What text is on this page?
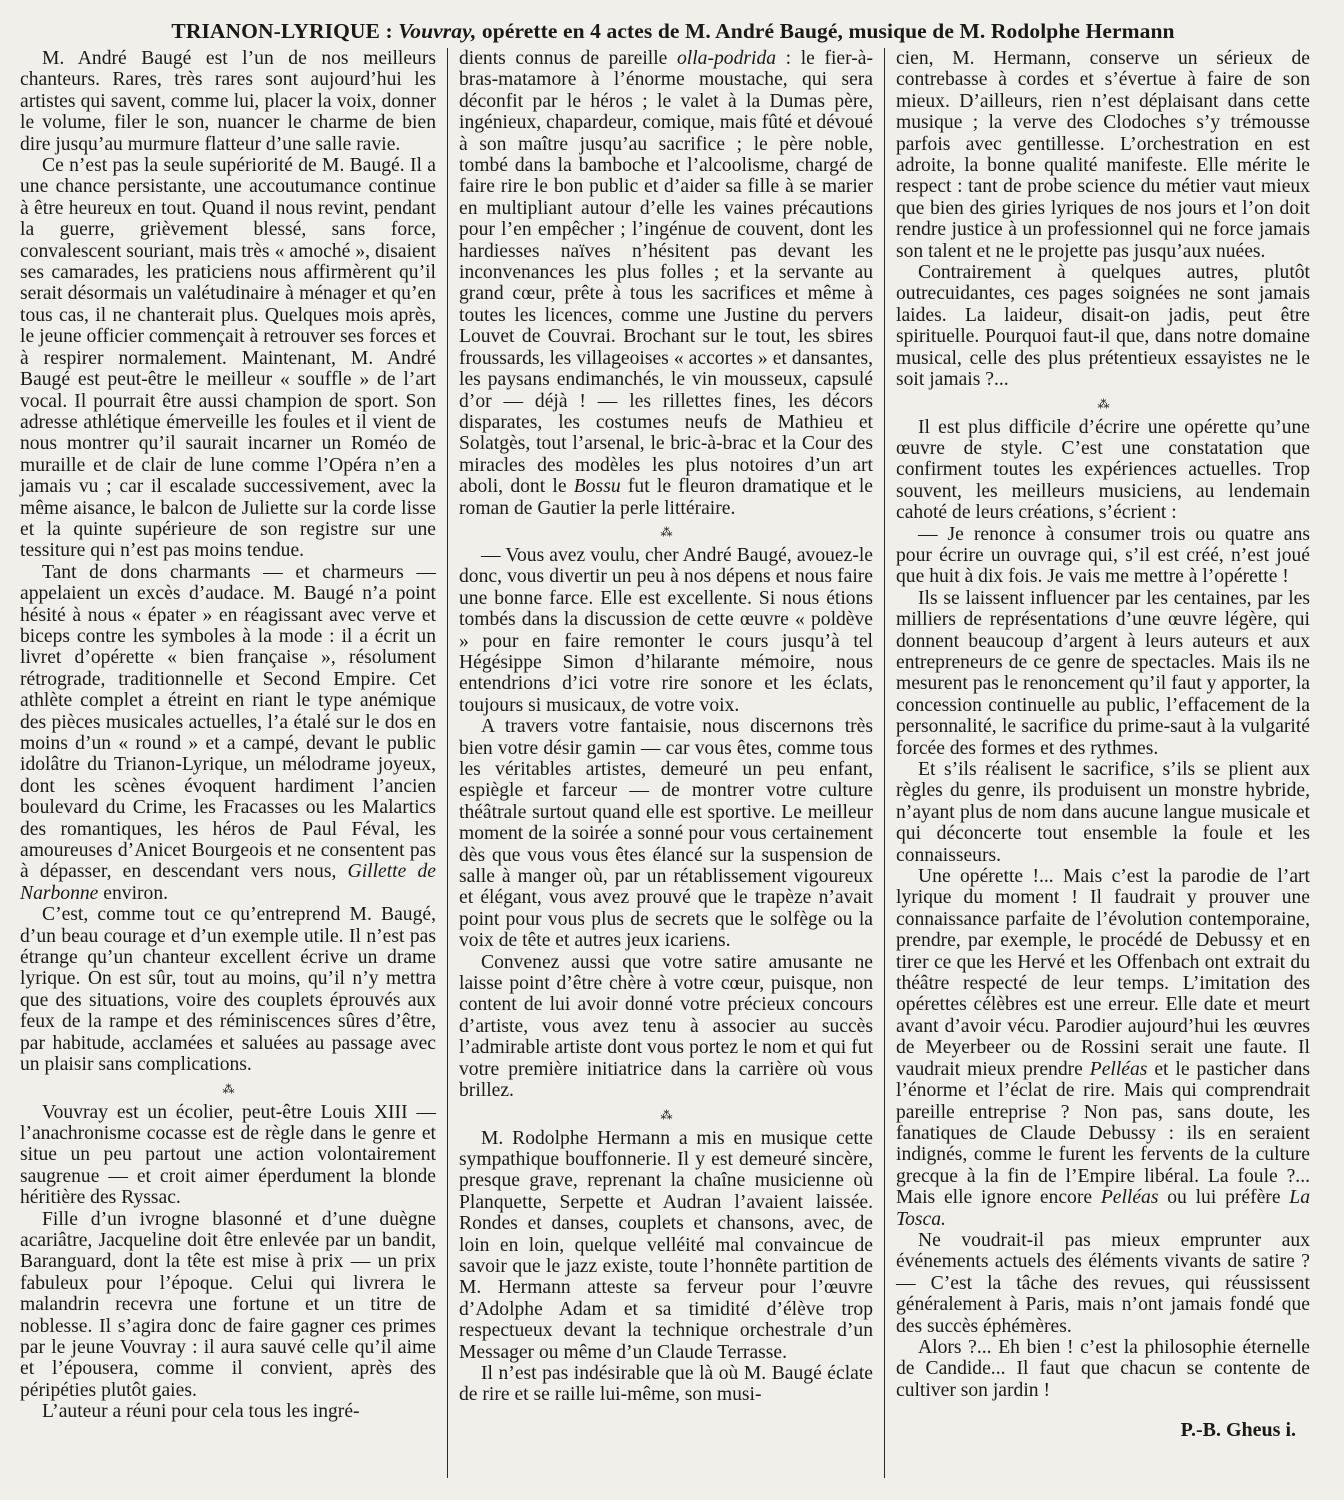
TRIANON-LYRIQUE : Vouvray, opérette en 4 actes de M. André Baugé, musique de M. Rodolphe Hermann

M. André Baugé est l’un de nos meilleurs chanteurs. Rares, très rares sont aujourd’hui les artistes qui savent, comme lui, placer la voix, donner le volume, filer le son, nuancer le charme de bien dire jusqu’au murmure flatteur d’une salle ravie.

Ce n’est pas la seule supériorité de M. Baugé. Il a une chance persistante, une accoutumance continue à être heureux en tout. Quand il nous revint, pendant la guerre, grièvement blessé, sans force, convalescent souriant, mais très « amoché », disaient ses camarades, les praticiens nous affirmèrent qu’il serait désormais un valétudinaire à ménager et qu’en tous cas, il ne chanterait plus. Quelques mois après, le jeune officier commençait à retrouver ses forces et à respirer normalement. Maintenant, M. André Baugé est peut-être le meilleur « souffle » de l’art vocal. Il pourrait être aussi champion de sport. Son adresse athlétique émerveille les foules et il vient de nous montrer qu’il saurait incarner un Roméo de muraille et de clair de lune comme l’Opéra n’en a jamais vu ; car il escalade successivement, avec la même aisance, le balcon de Juliette sur la corde lisse et la quinte supérieure de son registre sur une tessiture qui n’est pas moins tendue.

Tant de dons charmants — et charmeurs — appelaient un excès d’audace. M. Baugé n’a point hésité à nous « épater » en réagissant avec verve et biceps contre les symboles à la mode : il a écrit un livret d’opérette « bien française », résolument rétrograde, traditionnelle et Second Empire. Cet athlète complet a étreint en riant le type anémique des pièces musicales actuelles, l’a étalé sur le dos en moins d’un « round » et a campé, devant le public idolâtre du Trianon-Lyrique, un mélodrame joyeux, dont les scènes évoquent hardiment l’ancien boulevard du Crime, les Fracasses ou les Malartics des romantiques, les héros de Paul Féval, les amoureuses d’Anicet Bourgeois et ne consentent pas à dépasser, en descendant vers nous, Gillette de Narbonne environ.

C’est, comme tout ce qu’entreprend M. Baugé, d’un beau courage et d’un exemple utile. Il n’est pas étrange qu’un chanteur excellent écrive un drame lyrique. On est sûr, tout au moins, qu’il n’y mettra que des situations, voire des couplets éprouvés aux feux de la rampe et des réminiscences sûres d’être, par habitude, acclamées et saluées au passage avec un plaisir sans complications.

⁂

Vouvray est un écolier, peut-être Louis XIII — l’anachronisme cocasse est de règle dans le genre et situe un peu partout une action volontairement saugrenue — et croit aimer éperdument la blonde héritière des Ryssac.

Fille d’un ivrogne blasonné et d’une duègne acariâtre, Jacqueline doit être enlevée par un bandit, Baranguard, dont la tête est mise à prix — un prix fabuleux pour l’époque. Celui qui livrera le malandrin recevra une fortune et un titre de noblesse. Il s’agira donc de faire gagner ces primes par le jeune Vouvray : il aura sauvé celle qu’il aime et l’épousera, comme il convient, après des péripéties plutôt gaies.

L’auteur a réuni pour cela tous les ingré-

dients connus de pareille olla-podrida : le fier-à-bras-matamore à l’énorme moustache, qui sera déconfit par le héros ; le valet à la Dumas père, ingénieux, chapardeur, comique, mais fûté et dévoué à son maître jusqu’au sacrifice ; le père noble, tombé dans la bamboche et l’alcoolisme, chargé de faire rire le bon public et d’aider sa fille à se marier en multipliant autour d’elle les vaines précautions pour l’en empêcher ; l’ingénue de couvent, dont les hardiesses naïves n’hésitent pas devant les inconvenances les plus folles ; et la servante au grand cœur, prête à tous les sacrifices et même à toutes les licences, comme une Justine du pervers Louvet de Couvrai. Brochant sur le tout, les sbires froussards, les villageoises « accortes » et dansantes, les paysans endimanchés, le vin mousseux, capsulé d’or — déjà ! — les rillettes fines, les décors disparates, les costumes neufs de Mathieu et Solatgès, tout l’arsenal, le bric-à-brac et la Cour des miracles des modèles les plus notoires d’un art aboli, dont le Bossu fut le fleuron dramatique et le roman de Gautier la perle littéraire.

⁂

— Vous avez voulu, cher André Baugé, avouez-le donc, vous divertir un peu à nos dépens et nous faire une bonne farce. Elle est excellente. Si nous étions tombés dans la discussion de cette œuvre « poldève » pour en faire remonter le cours jusqu’à tel Hégésippe Simon d’hilarante mémoire, nous entendrions d’ici votre rire sonore et les éclats, toujours si musicaux, de votre voix.

A travers votre fantaisie, nous discernons très bien votre désir gamin — car vous êtes, comme tous les véritables artistes, demeuré un peu enfant, espiègle et farceur — de montrer votre culture théâtrale surtout quand elle est sportive. Le meilleur moment de la soirée a sonné pour vous certainement dès que vous vous êtes élancé sur la suspension de salle à manger où, par un rétablissement vigoureux et élégant, vous avez prouvé que le trapèze n’avait point pour vous plus de secrets que le solfège ou la voix de tête et autres jeux icariens.

Convenez aussi que votre satire amusante ne laisse point d’être chère à votre cœur, puisque, non content de lui avoir donné votre précieux concours d’artiste, vous avez tenu à associer au succès l’admirable artiste dont vous portez le nom et qui fut votre première initiatrice dans la carrière où vous brillez.

⁂

M. Rodolphe Hermann a mis en musique cette sympathique bouffonnerie. Il y est demeuré sincère, presque grave, reprenant la chaîne musicienne où Planquette, Serpette et Audran l’avaient laissée. Rondes et danses, couplets et chansons, avec, de loin en loin, quelque velléité mal convaincue de savoir que le jazz existe, toute l’honnête partition de M. Hermann atteste sa ferveur pour l’œuvre d’Adolphe Adam et sa timidité d’élève trop respectueux devant la technique orchestrale d’un Messager ou même d’un Claude Terrasse.

Il n’est pas indésirable que là où M. Baugé éclate de rire et se raille lui-même, son musi-

cien, M. Hermann, conserve un sérieux de contrebasse à cordes et s’évertue à faire de son mieux. D’ailleurs, rien n’est déplaisant dans cette musique ; la verve des Clodoches s’y trémousse parfois avec gentillesse. L’orchestration en est adroite, la bonne qualité manifeste. Elle mérite le respect : tant de probe science du métier vaut mieux que bien des giries lyriques de nos jours et l’on doit rendre justice à un professionnel qui ne force jamais son talent et ne le projette pas jusqu’aux nuées.

Contrairement à quelques autres, plutôt outrecuidantes, ces pages soignées ne sont jamais laides. La laideur, disait-on jadis, peut être spirituelle. Pourquoi faut-il que, dans notre domaine musical, celle des plus prétentieux essayistes ne le soit jamais ?...

⁂

Il est plus difficile d’écrire une opérette qu’une œuvre de style. C’est une constatation que confirment toutes les expériences actuelles. Trop souvent, les meilleurs musiciens, au lendemain cahoté de leurs créations, s’écrient :

— Je renonce à consumer trois ou quatre ans pour écrire un ouvrage qui, s’il est créé, n’est joué que huit à dix fois. Je vais me mettre à l’opérette !

Ils se laissent influencer par les centaines, par les milliers de représentations d’une œuvre légère, qui donnent beaucoup d’argent à leurs auteurs et aux entrepreneurs de ce genre de spectacles. Mais ils ne mesurent pas le renoncement qu’il faut y apporter, la concession continuelle au public, l’effacement de la personnalité, le sacrifice du prime-saut à la vulgarité forcée des formes et des rythmes.

Et s’ils réalisent le sacrifice, s’ils se plient aux règles du genre, ils produisent un monstre hybride, n’ayant plus de nom dans aucune langue musicale et qui déconcerte tout ensemble la foule et les connaisseurs.

Une opérette !... Mais c’est la parodie de l’art lyrique du moment ! Il faudrait y prouver une connaissance parfaite de l’évolution contemporaine, prendre, par exemple, le procédé de Debussy et en tirer ce que les Hervé et les Offenbach ont extrait du théâtre respecté de leur temps. L’imitation des opérettes célèbres est une erreur. Elle date et meurt avant d’avoir vécu. Parodier aujourd’hui les œuvres de Meyerbeer ou de Rossini serait une faute. Il vaudrait mieux prendre Pelléas et le pasticher dans l’énorme et l’éclat de rire. Mais qui comprendrait pareille entreprise ? Non pas, sans doute, les fanatiques de Claude Debussy : ils en seraient indignés, comme le furent les fervents de la culture grecque à la fin de l’Empire libéral. La foule ?... Mais elle ignore encore Pelléas ou lui préfère La Tosca.

Ne voudrait-il pas mieux emprunter aux événements actuels des éléments vivants de satire ? — C’est la tâche des revues, qui réussissent généralement à Paris, mais n’ont jamais fondé que des succès éphémères.

Alors ?... Eh bien ! c’est la philosophie éternelle de Candide... Il faut que chacun se contente de cultiver son jardin !

P.-B. Gheus i.
